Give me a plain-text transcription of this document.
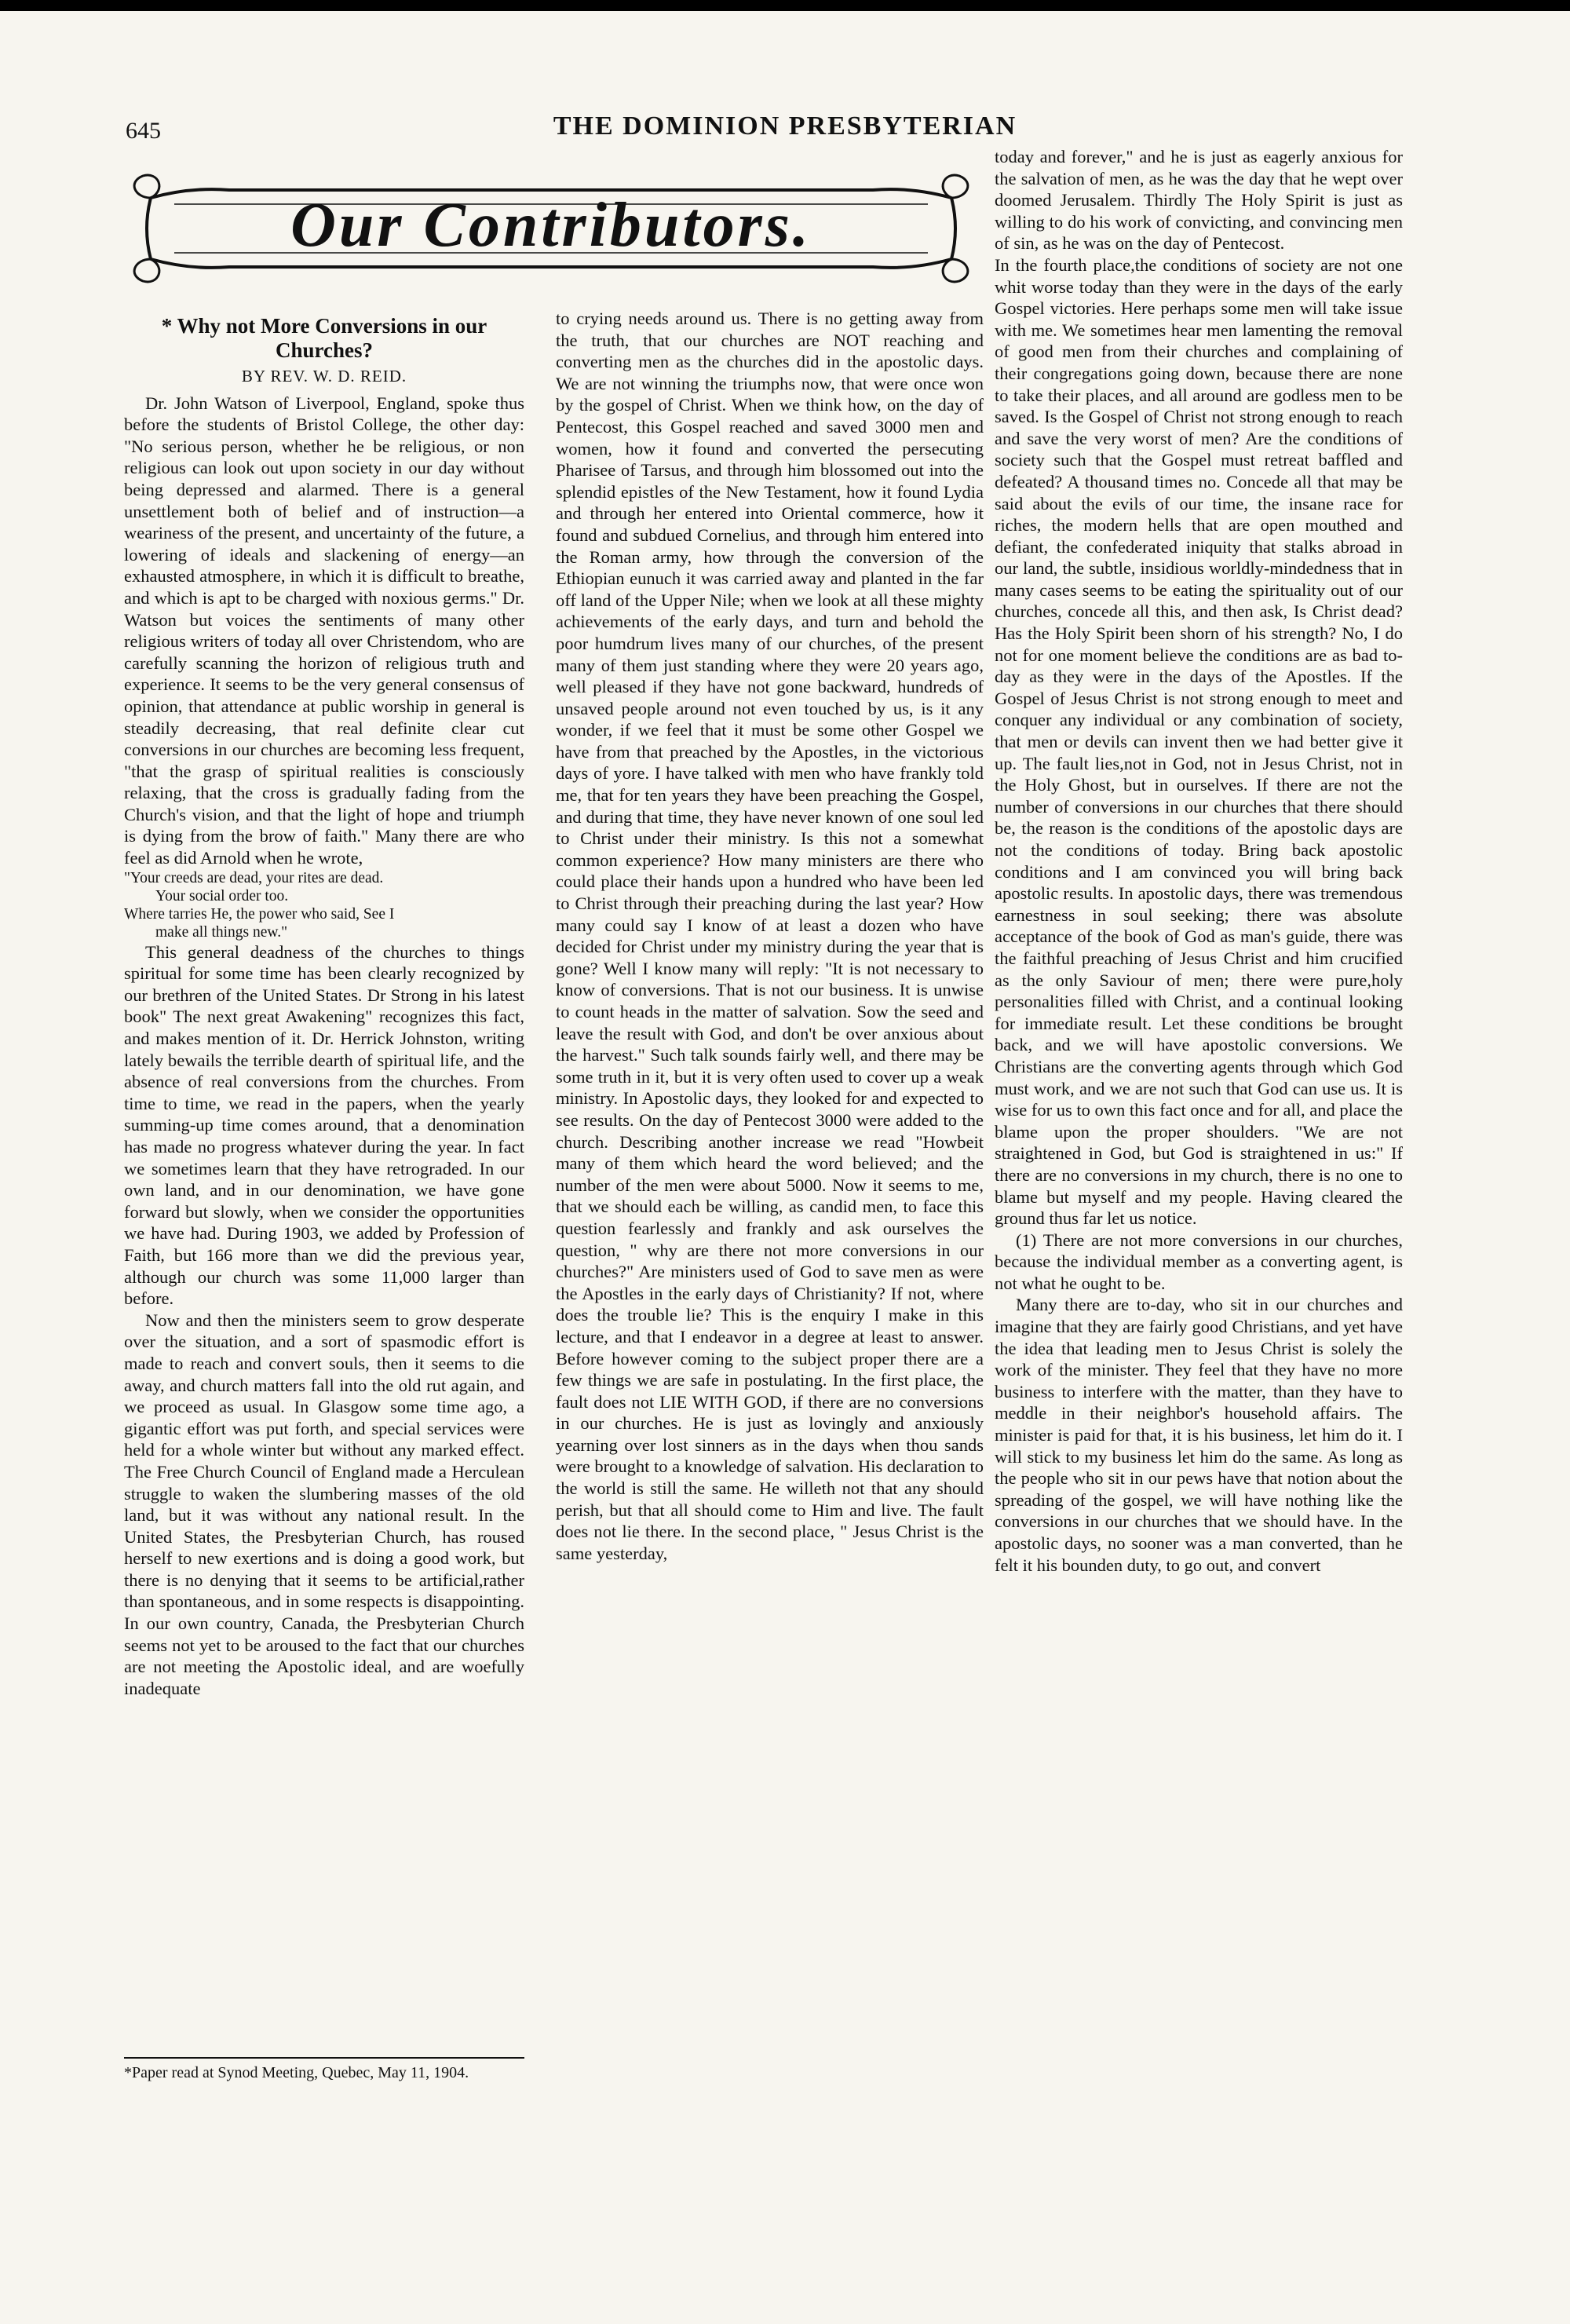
645	THE DOMINION PRESBYTERIAN
Our Contributors.
* Why not More Conversions in our Churches?
BY REV. W. D. REID.

Dr. John Watson of Liverpool, England, spoke thus before the students of Bristol College, the other day: "No serious person, whether he be religious, or non religious can look out upon society in our day without being depressed and alarmed. There is a general unsettlement both of belief and of instruction—a weariness of the present, and uncertainty of the future, a lowering of ideals and slackening of energy—an exhausted atmosphere, in which it is difficult to breathe, and which is apt to be charged with noxious germs." Dr. Watson but voices the sentiments of many other religious writers of today all over Christendom, who are carefully scanning the horizon of religious truth and experience. It seems to be the very general consensus of opinion, that attendance at public worship in general is steadily decreasing, that real definite clear cut conversions in our churches are becoming less frequent, "that the grasp of spiritual realities is consciously relaxing, that the cross is gradually fading from the Church's vision, and that the light of hope and triumph is dying from the brow of faith." Many there are who feel as did Arnold when he wrote,

"Your creeds are dead, your rites are dead.
Your social order too.
Where tarries He, the power who said, See I
make all things new."

This general deadness of the churches to things spiritual for some time has been clearly recognized by our brethren of the United States. Dr Strong in his latest book" The next great Awakening" recognizes this fact, and makes mention of it. Dr. Herrick Johnston, writing lately bewails the terrible dearth of spiritual life, and the absence of real conversions from the churches. From time to time, we read in the papers, when the yearly summing-up time comes around, that a denomination has made no progress whatever during the year. In fact we sometimes learn that they have retrograded. In our own land, and in our denomination, we have gone forward but slowly, when we consider the opportunities we have had. During 1903, we added by Profession of Faith, but 166 more than we did the previous year, although our church was some 11,000 larger than before.

Now and then the ministers seem to grow desperate over the situation, and a sort of spasmodic effort is made to reach and convert souls, then it seems to die away, and church matters fall into the old rut again, and we proceed as usual. In Glasgow some time ago, a gigantic effort was put forth, and special services were held for a whole winter but without any marked effect. The Free Church Council of England made a Herculean struggle to waken the slumbering masses of the old land, but it was without any national result. In the United States, the Presbyterian Church, has roused herself to new exertions and is doing a good work, but there is no denying that it seems to be artificial,rather than spontaneous, and in some respects is disappointing. In our own country, Canada, the Presbyterian Church seems not yet to be aroused to the fact that our churches are not meeting the Apostolic ideal, and are woefully inadequate

*Paper read at Synod Meeting, Quebec, May 11, 1904.

to crying needs around us. There is no getting away from the truth, that our churches are NOT reaching and converting men as the churches did in the apostolic days. We are not winning the triumphs now, that were once won by the gospel of Christ. When we think how, on the day of Pentecost, this Gospel reached and saved 3000 men and women, how it found and converted the persecuting Pharisee of Tarsus, and through him blossomed out into the splendid epistles of the New Testament, how it found Lydia and through her entered into Oriental commerce, how it found and subdued Cornelius, and through him entered into the Roman army, how through the conversion of the Ethiopian eunuch it was carried away and planted in the far off land of the Upper Nile; when we look at all these mighty achievements of the early days, and turn and behold the poor humdrum lives many of our churches, of the present many of them just standing where they were 20 years ago, well pleased if they have not gone backward, hundreds of unsaved people around not even touched by us, is it any wonder, if we feel that it must be some other Gospel we have from that preached by the Apostles, in the victorious days of yore. I have talked with men who have frankly told me, that for ten years they have been preaching the Gospel, and during that time, they have never known of one soul led to Christ under their ministry. Is this not a somewhat common experience? How many ministers are there who could place their hands upon a hundred who have been led to Christ through their preaching during the last year? How many could say I know of at least a dozen who have decided for Christ under my ministry during the year that is gone? Well I know many will reply: "It is not necessary to know of conversions. That is not our business. It is unwise to count heads in the matter of salvation. Sow the seed and leave the result with God, and don't be over anxious about the harvest." Such talk sounds fairly well, and there may be some truth in it, but it is very often used to cover up a weak ministry. In Apostolic days, they looked for and expected to see results. On the day of Pentecost 3000 were added to the church. Describing another increase we read "Howbeit many of them which heard the word believed; and the number of the men were about 5000. Now it seems to me, that we should each be willing, as candid men, to face this question fearlessly and frankly and ask ourselves the question, " why are there not more conversions in our churches?" Are ministers used of God to save men as were the Apostles in the early days of Christianity? If not, where does the trouble lie? This is the enquiry I make in this lecture, and that I endeavor in a degree at least to answer. Before however coming to the subject proper there are a few things we are safe in postulating. In the first place, the fault does not LIE WITH GOD, if there are no conversions in our churches. He is just as lovingly and anxiously yearning over lost sinners as in the days when thou sands were brought to a knowledge of salvation. His declaration to the world is still the same. He willeth not that any should perish, but that all should come to Him and live. The fault does not lie there. In the second place, " Jesus Christ is the same yesterday,

today and forever," and he is just as eagerly anxious for the salvation of men, as he was the day that he wept over doomed Jerusalem. Thirdly The Holy Spirit is just as willing to do his work of convicting, and convincing men of sin, as he was on the day of Pentecost.

In the fourth place,the conditions of society are not one whit worse today than they were in the days of the early Gospel victories. Here perhaps some men will take issue with me. We sometimes hear men lamenting the removal of good men from their churches and complaining of their congregations going down, because there are none to take their places, and all around are godless men to be saved. Is the Gospel of Christ not strong enough to reach and save the very worst of men? Are the conditions of society such that the Gospel must retreat baffled and defeated? A thousand times no. Concede all that may be said about the evils of our time, the insane race for riches, the modern hells that are open mouthed and defiant, the confederated iniquity that stalks abroad in our land, the subtle, insidious worldly-mindedness that in many cases seems to be eating the spirituality out of our churches, concede all this, and then ask, Is Christ dead? Has the Holy Spirit been shorn of his strength? No, I do not for one moment believe the conditions are as bad to-day as they were in the days of the Apostles. If the Gospel of Jesus Christ is not strong enough to meet and conquer any individual or any combination of society, that men or devils can invent then we had better give it up. The fault lies,not in God, not in Jesus Christ, not in the Holy Ghost, but in ourselves. If there are not the number of conversions in our churches that there should be, the reason is the conditions of the apostolic days are not the conditions of today. Bring back apostolic conditions and I am convinced you will bring back apostolic results. In apostolic days, there was tremendous earnestness in soul seeking; there was absolute acceptance of the book of God as man's guide, there was the faithful preaching of Jesus Christ and him crucified as the only Saviour of men; there were pure,holy personalities filled with Christ, and a continual looking for immediate result. Let these conditions be brought back, and we will have apostolic conversions. We Christians are the converting agents through which God must work, and we are not such that God can use us. It is wise for us to own this fact once and for all, and place the blame upon the proper shoulders. "We are not straightened in God, but God is straightened in us:" If there are no conversions in my church, there is no one to blame but myself and my people. Having cleared the ground thus far let us notice.

(1) There are not more conversions in our churches, because the individual member as a converting agent, is not what he ought to be.

Many there are to-day, who sit in our churches and imagine that they are fairly good Christians, and yet have the idea that leading men to Jesus Christ is solely the work of the minister. They feel that they have no more business to interfere with the matter, than they have to meddle in their neighbor's household affairs. The minister is paid for that, it is his business, let him do it. I will stick to my business let him do the same. As long as the people who sit in our pews have that notion about the spreading of the gospel, we will have nothing like the conversions in our churches that we should have. In the apostolic days, no sooner was a man converted, than he felt it his bounden duty, to go out, and convert
